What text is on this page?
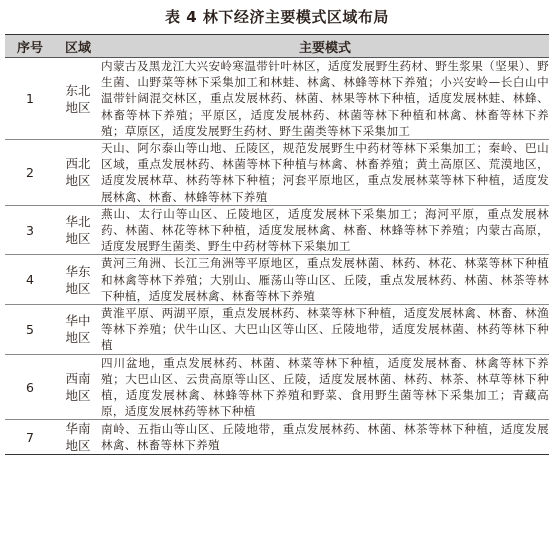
表 4 林下经济主要模式区域布局
序号	区域	主要模式
1	东北地区	内蒙古及黑龙江大兴安岭寒温带针叶林区，适度发展野生药材、野生浆果（坚果）、野生菌、山野菜等林下采集加工和林蛙、林禽、林蜂等林下养殖；小兴安岭—长白山中温带针阔混交林区，重点发展林药、林菌、林果等林下种植，适度发展林蛙、林蜂、林畜等林下养殖；平原区，适度发展林药、林菌等林下种植和林禽、林畜等林下养殖；草原区，适度发展野生药材、野生菌类等林下采集加工
2	西北地区	天山、阿尔泰山等山地、丘陵区，规范发展野生中药材等林下采集加工；秦岭、巴山区域，重点发展林药、林菌等林下种植与林禽、林畜养殖；黄土高原区、荒漠地区，适度发展林草、林药等林下种植；河套平原地区，重点发展林菜等林下种植，适度发展林禽、林畜、林蜂等林下养殖
3	华北地区	燕山、太行山等山区、丘陵地区，适度发展林下采集加工；海河平原，重点发展林药、林菌、林花等林下种植，适度发展林禽、林畜、林蜂等林下养殖；内蒙古高原，适度发展野生菌类、野生中药材等林下采集加工
4	华东地区	黄河三角洲、长江三角洲等平原地区，重点发展林菌、林药、林花、林菜等林下种植和林禽等林下养殖；大别山、雁荡山等山区、丘陵，重点发展林药、林菌、林茶等林下种植，适度发展林禽、林畜等林下养殖
5	华中地区	黄淮平原、两湖平原，重点发展林药、林菜等林下种植，适度发展林禽、林畜、林渔等林下养殖；伏牛山区、大巴山区等山区、丘陵地带，适度发展林菌、林药等林下种植
6	西南地区	四川盆地，重点发展林药、林菌、林菜等林下种植，适度发展林畜、林禽等林下养殖；大巴山区、云贵高原等山区、丘陵，适度发展林菌、林药、林茶、林草等林下种植，适度发展林禽、林蜂等林下养殖和野菜、食用野生菌等林下采集加工；青藏高原，适度发展林药等林下种植
7	华南地区	南岭、五指山等山区、丘陵地带，重点发展林药、林菌、林茶等林下种植，适度发展林禽、林畜等林下养殖
